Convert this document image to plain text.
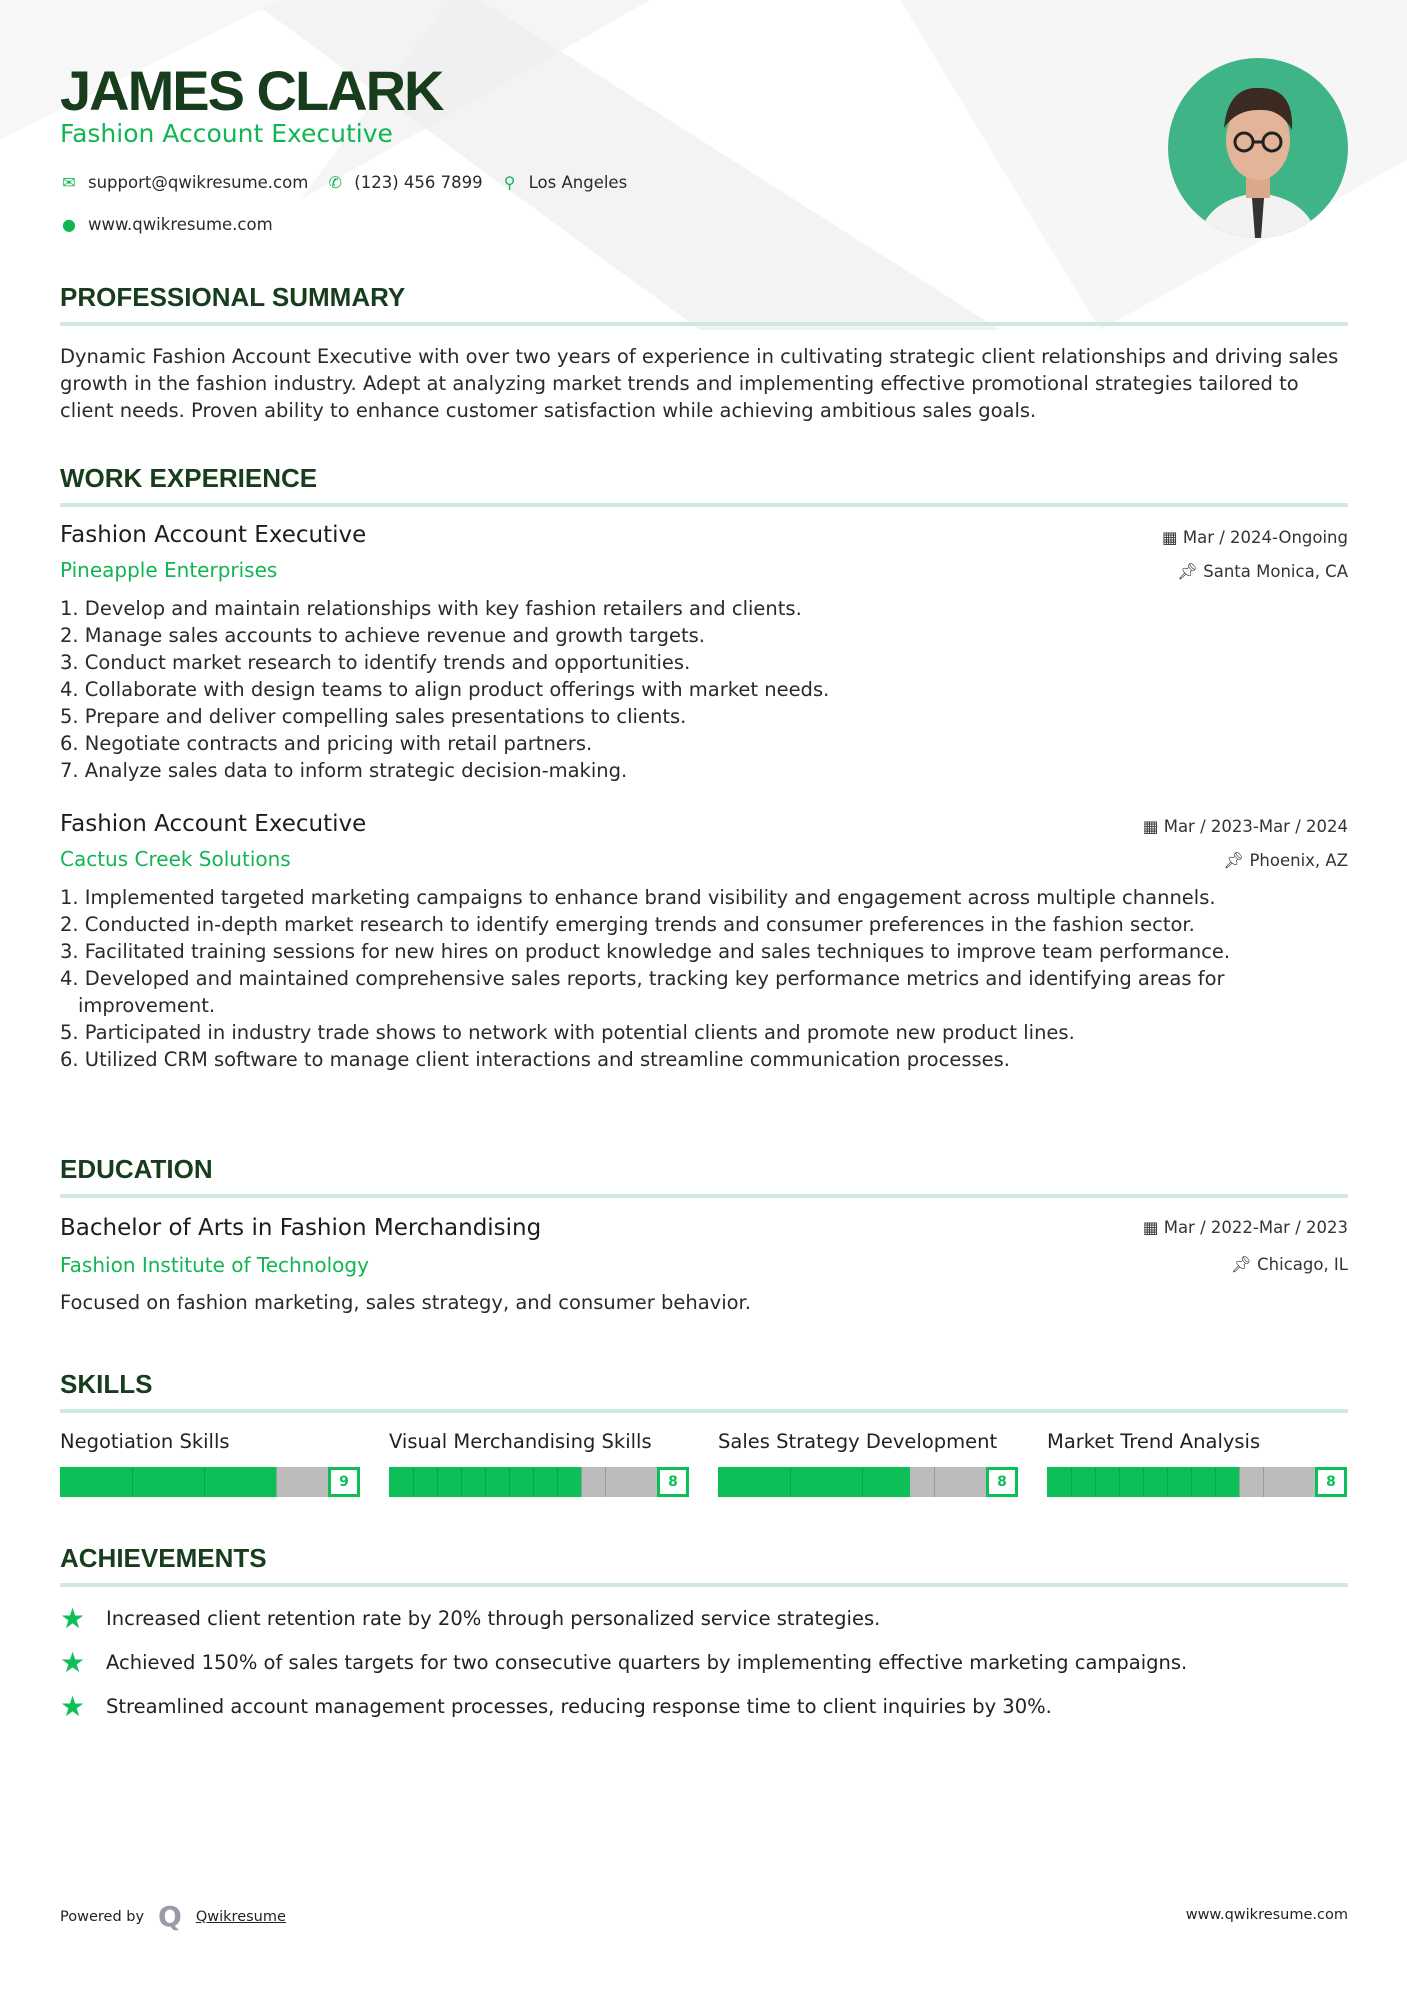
JAMES CLARK
Fashion Account Executive
✉ support@qwikresume.com ✆ (123) 456 7899 ⚲ Los Angeles
● www.qwikresume.com
PROFESSIONAL SUMMARY

Dynamic Fashion Account Executive with over two years of experience in cultivating strategic client relationships and driving sales growth in the fashion industry. Adept at analyzing market trends and implementing effective promotional strategies tailored to client needs. Proven ability to enhance customer satisfaction while achieving ambitious sales goals.

WORK EXPERIENCE
Fashion Account Executive
Pineapple Enterprises
▦ Mar / 2024-Ongoing
📌︎ Santa Monica, CA
1. Develop and maintain relationships with key fashion retailers and clients.
2. Manage sales accounts to achieve revenue and growth targets.
3. Conduct market research to identify trends and opportunities.
4. Collaborate with design teams to align product offerings with market needs.
5. Prepare and deliver compelling sales presentations to clients.
6. Negotiate contracts and pricing with retail partners.
7. Analyze sales data to inform strategic decision-making.
Fashion Account Executive
Cactus Creek Solutions
▦ Mar / 2023-Mar / 2024
📌︎ Phoenix, AZ
1. Implemented targeted marketing campaigns to enhance brand visibility and engagement across multiple channels.
2. Conducted in-depth market research to identify emerging trends and consumer preferences in the fashion sector.
3. Facilitated training sessions for new hires on product knowledge and sales techniques to improve team performance.
4. Developed and maintained comprehensive sales reports, tracking key performance metrics and identifying areas for improvement.
5. Participated in industry trade shows to network with potential clients and promote new product lines.
6. Utilized CRM software to manage client interactions and streamline communication processes.
EDUCATION
Bachelor of Arts in Fashion Merchandising
Fashion Institute of Technology
▦ Mar / 2022-Mar / 2023
📌︎ Chicago, IL
Focused on fashion marketing, sales strategy, and consumer behavior.
SKILLS
Negotiation Skills
9
Visual Merchandising Skills
8
Sales Strategy Development
8
Market Trend Analysis
8
ACHIEVEMENTS
★	Increased client retention rate by 20% through personalized service strategies.
★	Achieved 150% of sales targets for two consecutive quarters by implementing effective marketing campaigns.
★	Streamlined account management processes, reducing response time to client inquiries by 30%.
Powered by Q Qwikresume	www.qwikresume.com
